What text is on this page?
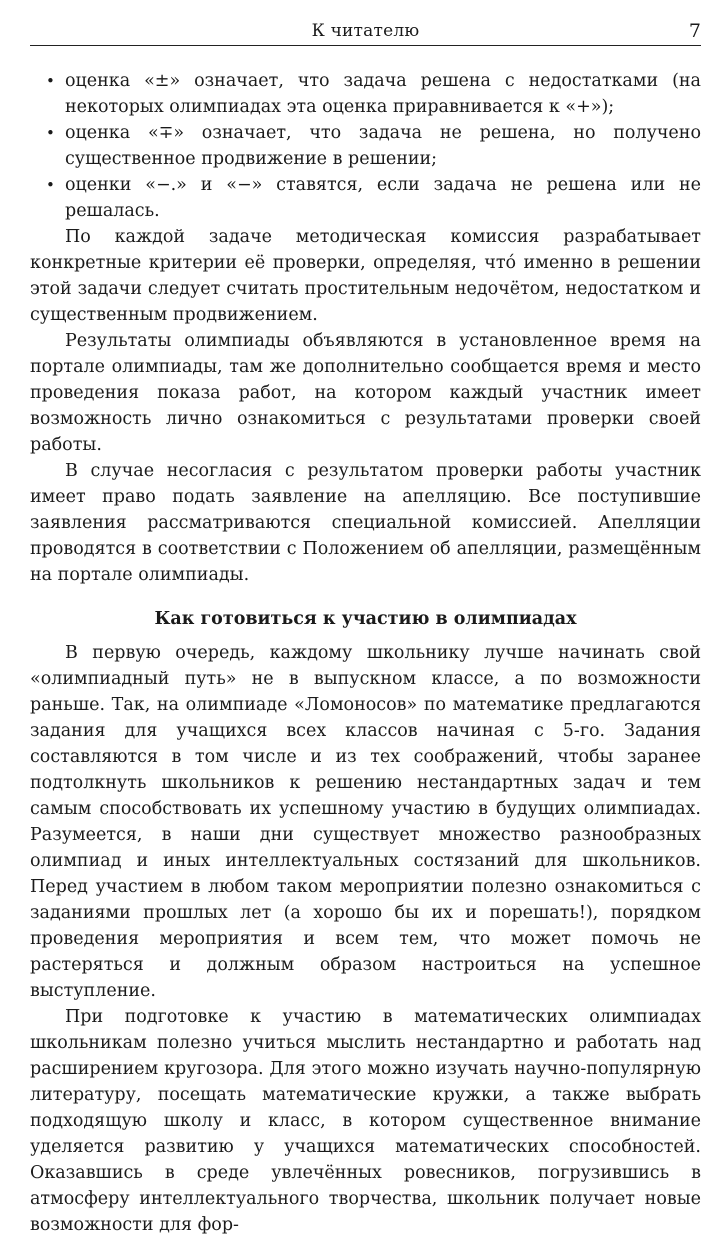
К читателю	7
• оценка «±» означает, что задача решена с недостатками (на некоторых олимпиадах эта оценка приравнивается к «+»);
• оценка «∓» означает, что задача не решена, но получено существенное продвижение в решении;
• оценки «−.» и «−» ставятся, если задача не решена или не решалась.

По каждой задаче методическая комиссия разрабатывает конкретные критерии её проверки, определяя, что́ именно в решении этой задачи следует считать простительным недочётом, недостатком и существенным продвижением.

Результаты олимпиады объявляются в установленное время на портале олимпиады, там же дополнительно сообщается время и место проведения показа работ, на котором каждый участник имеет возможность лично ознакомиться с результатами проверки своей работы.

В случае несогласия с результатом проверки работы участник имеет право подать заявление на апелляцию. Все поступившие заявления рассматриваются специальной комиссией. Апелляции проводятся в соответствии с Положением об апелляции, размещённым на портале олимпиады.

Как готовиться к участию в олимпиадах

В первую очередь, каждому школьнику лучше начинать свой «олимпиадный путь» не в выпускном классе, а по возможности раньше. Так, на олимпиаде «Ломоносов» по математике предлагаются задания для учащихся всех классов начиная с 5-го. Задания составляются в том числе и из тех соображений, чтобы заранее подтолкнуть школьников к решению нестандартных задач и тем самым способствовать их успешному участию в будущих олимпиадах. Разумеется, в наши дни существует множество разнообразных олимпиад и иных интеллектуальных состязаний для школьников. Перед участием в любом таком мероприятии полезно ознакомиться с заданиями прошлых лет (а хорошо бы их и порешать!), порядком проведения мероприятия и всем тем, что может помочь не растеряться и должным образом настроиться на успешное выступление.

При подготовке к участию в математических олимпиадах школьникам полезно учиться мыслить нестандартно и работать над расширением кругозора. Для этого можно изучать научно-популярную литературу, посещать математические кружки, а также выбрать подходящую школу и класс, в котором существенное внимание уделяется развитию у учащихся математических способностей. Оказавшись в среде увлечённых ровесников, погрузившись в атмосферу интеллектуального творчества, школьник получает новые возможности для фор-
